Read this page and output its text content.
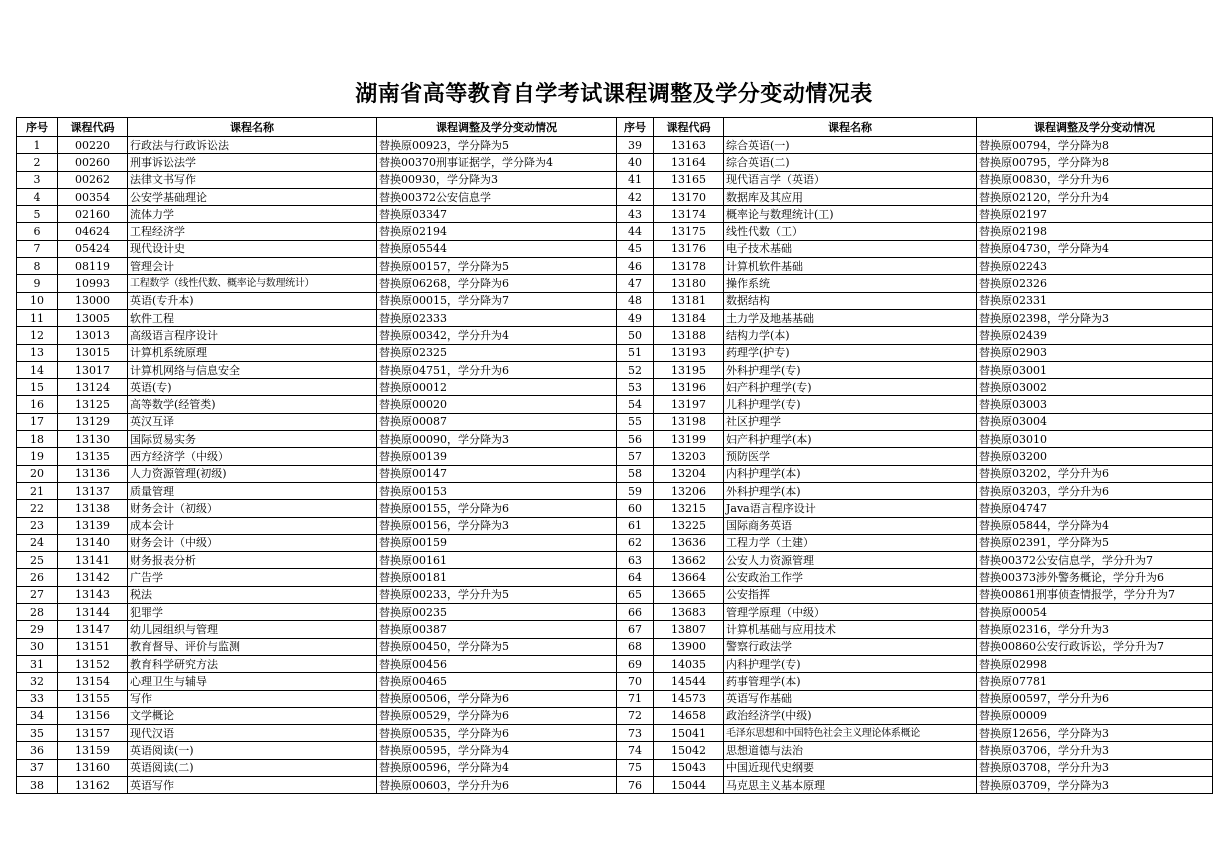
湖南省高等教育自学考试课程调整及学分变动情况表
序号	课程代码	课程名称	课程调整及学分变动情况	序号	课程代码	课程名称	课程调整及学分变动情况
1	00220	行政法与行政诉讼法	替换原00923，学分降为5	39	13163	综合英语(一)	替换原00794，学分降为8
2	00260	刑事诉讼法学	替换00370刑事证据学，学分降为4	40	13164	综合英语(二)	替换原00795，学分降为8
3	00262	法律文书写作	替换00930，学分降为3	41	13165	现代语言学（英语）	替换原00830，学分升为6
4	00354	公安学基础理论	替换00372公安信息学	42	13170	数据库及其应用	替换原02120，学分升为4
5	02160	流体力学	替换原03347	43	13174	概率论与数理统计(工)	替换原02197
6	04624	工程经济学	替换原02194	44	13175	线性代数（工）	替换原02198
7	05424	现代设计史	替换原05544	45	13176	电子技术基础	替换原04730，学分降为4
8	08119	管理会计	替换原00157，学分降为5	46	13178	计算机软件基础	替换原02243
9	10993	工程数学（线性代数、概率论与数理统计）	替换原06268，学分降为6	47	13180	操作系统	替换原02326
10	13000	英语(专升本)	替换原00015，学分降为7	48	13181	数据结构	替换原02331
11	13005	软件工程	替换原02333	49	13184	土力学及地基基础	替换原02398，学分降为3
12	13013	高级语言程序设计	替换原00342，学分升为4	50	13188	结构力学(本)	替换原02439
13	13015	计算机系统原理	替换原02325	51	13193	药理学(护专)	替换原02903
14	13017	计算机网络与信息安全	替换原04751，学分升为6	52	13195	外科护理学(专)	替换原03001
15	13124	英语(专)	替换原00012	53	13196	妇产科护理学(专)	替换原03002
16	13125	高等数学(经管类)	替换原00020	54	13197	儿科护理学(专)	替换原03003
17	13129	英汉互译	替换原00087	55	13198	社区护理学	替换原03004
18	13130	国际贸易实务	替换原00090，学分降为3	56	13199	妇产科护理学(本)	替换原03010
19	13135	西方经济学（中级）	替换原00139	57	13203	预防医学	替换原03200
20	13136	人力资源管理(初级)	替换原00147	58	13204	内科护理学(本)	替换原03202，学分升为6
21	13137	质量管理	替换原00153	59	13206	外科护理学(本)	替换原03203，学分升为6
22	13138	财务会计（初级）	替换原00155，学分降为6	60	13215	Java语言程序设计	替换原04747
23	13139	成本会计	替换原00156，学分降为3	61	13225	国际商务英语	替换原05844，学分降为4
24	13140	财务会计（中级）	替换原00159	62	13636	工程力学（土建）	替换原02391，学分降为5
25	13141	财务报表分析	替换原00161	63	13662	公安人力资源管理	替换00372公安信息学，学分升为7
26	13142	广告学	替换原00181	64	13664	公安政治工作学	替换00373涉外警务概论，学分升为6
27	13143	税法	替换原00233，学分升为5	65	13665	公安指挥	替换00861刑事侦查情报学，学分升为7
28	13144	犯罪学	替换原00235	66	13683	管理学原理（中级）	替换原00054
29	13147	幼儿园组织与管理	替换原00387	67	13807	计算机基础与应用技术	替换原02316，学分升为3
30	13151	教育督导、评价与监测	替换原00450，学分降为5	68	13900	警察行政法学	替换00860公安行政诉讼，学分升为7
31	13152	教育科学研究方法	替换原00456	69	14035	内科护理学(专)	替换原02998
32	13154	心理卫生与辅导	替换原00465	70	14544	药事管理学(本)	替换原07781
33	13155	写作	替换原00506，学分降为6	71	14573	英语写作基础	替换原00597，学分升为6
34	13156	文学概论	替换原00529，学分降为6	72	14658	政治经济学(中级)	替换原00009
35	13157	现代汉语	替换原00535，学分降为6	73	15041	毛泽东思想和中国特色社会主义理论体系概论	替换原12656，学分降为3
36	13159	英语阅读(一)	替换原00595，学分降为4	74	15042	思想道德与法治	替换原03706，学分升为3
37	13160	英语阅读(二)	替换原00596，学分降为4	75	15043	中国近现代史纲要	替换原03708，学分升为3
38	13162	英语写作	替换原00603，学分升为6	76	15044	马克思主义基本原理	替换原03709，学分降为3
